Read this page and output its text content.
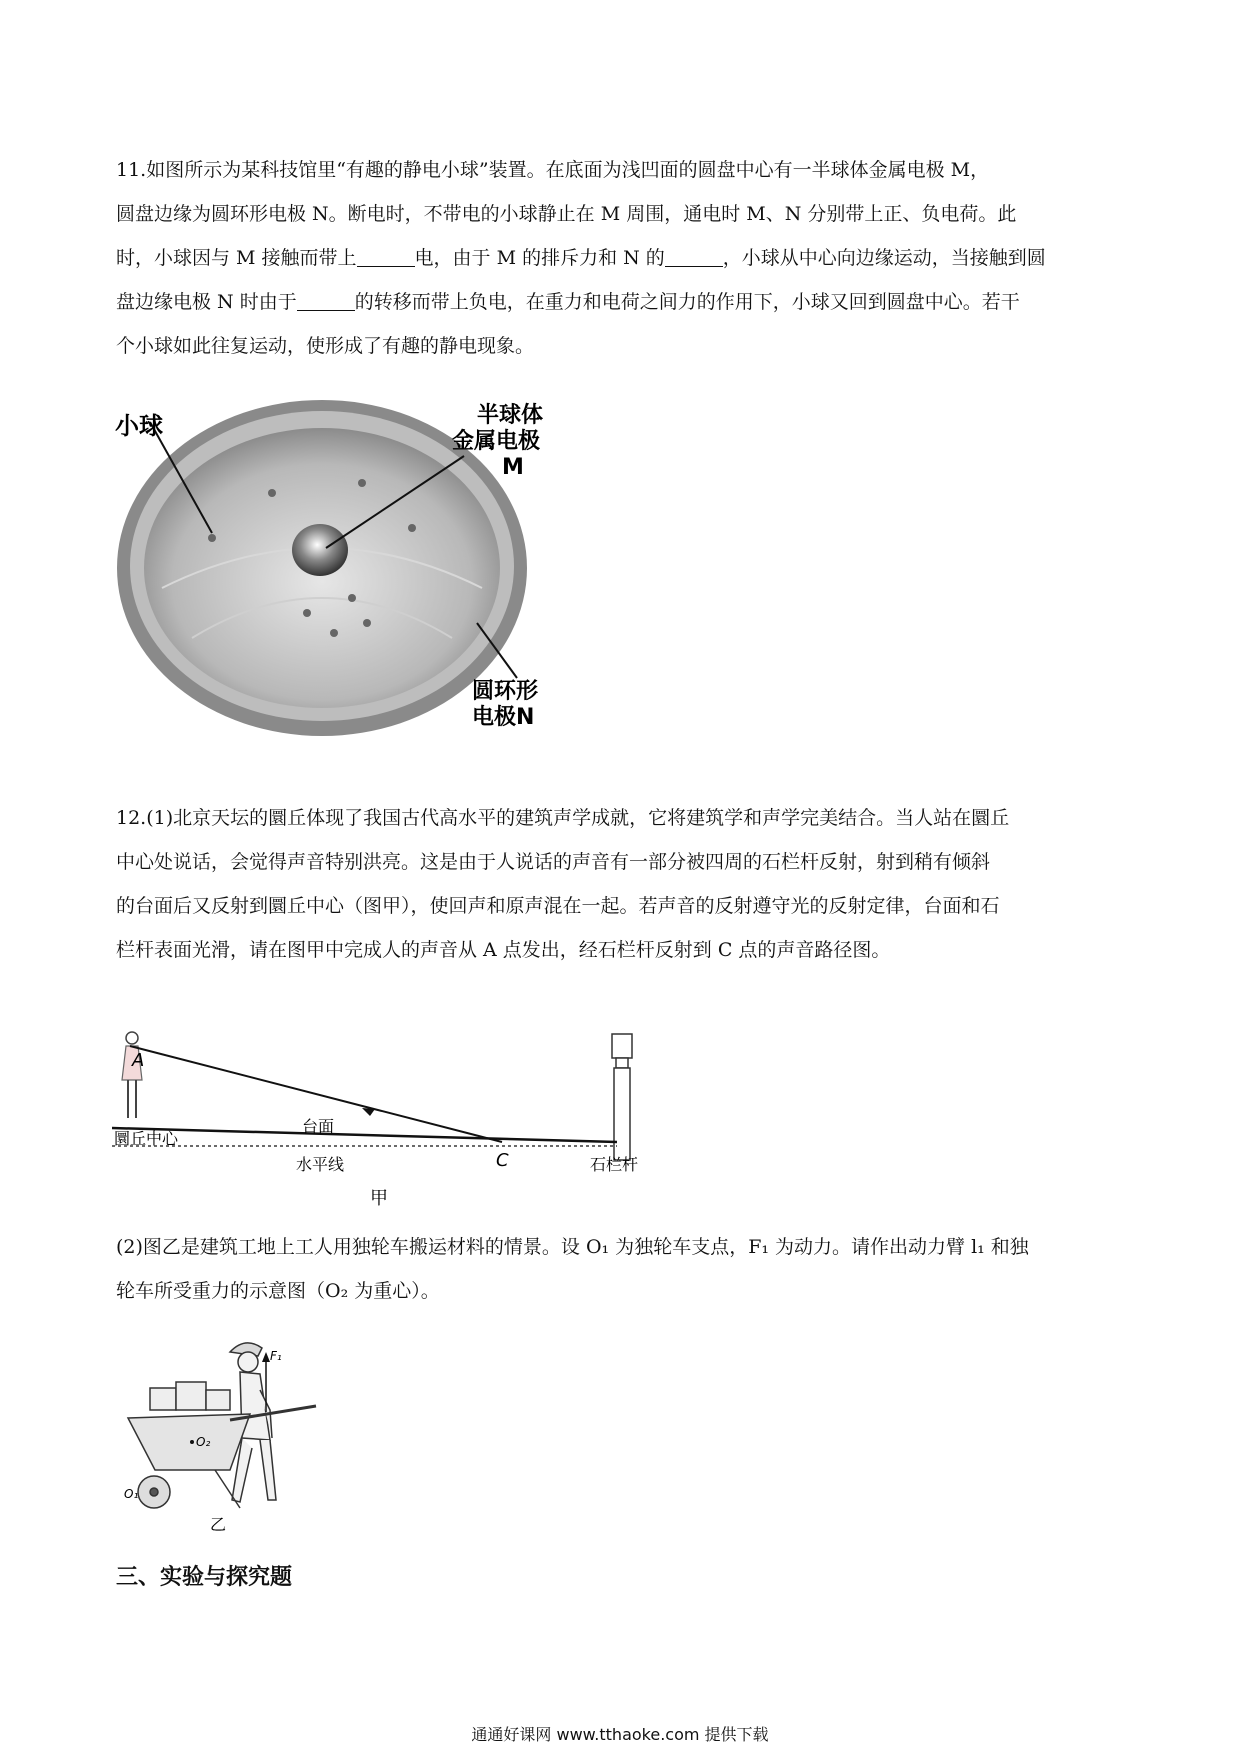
11.如图所示为某科技馆里“有趣的静电小球”装置。在底面为浅凹面的圆盘中心有一半球体金属电极 M，
圆盘边缘为圆环形电极 N。断电时，不带电的小球静止在 M 周围，通电时 M、N 分别带上正、负电荷。此
时，小球因与 M 接触而带上	电，由于 M 的排斥力和 N 的	，小球从中心向边缘运动，当接触到圆
盘边缘电极 N 时由于	的转移而带上负电，在重力和电荷之间力的作用下，小球又回到圆盘中心。若干
个小球如此往复运动，使形成了有趣的静电现象。

小球	半球体
金属电极
M
圆环形
电极N

12.(1)北京天坛的圜丘体现了我国古代高水平的建筑声学成就，它将建筑学和声学完美结合。当人站在圜丘
中心处说话，会觉得声音特别洪亮。这是由于人说话的声音有一部分被四周的石栏杆反射，射到稍有倾斜
的台面后又反射到圜丘中心（图甲），使回声和原声混在一起。若声音的反射遵守光的反射定律，台面和石
栏杆表面光滑，请在图甲中完成人的声音从 A 点发出，经石栏杆反射到 C 点的声音路径图。

A
C
圜丘中心
台面
水平线	石栏杆
甲

(2)图乙是建筑工地上工人用独轮车搬运材料的情景。设 O₁ 为独轮车支点，F₁ 为动力。请作出动力臂 l₁ 和独
轮车所受重力的示意图（O₂ 为重心）。

F₁
O₂
O₁
乙
三、实验与探究题
通通好课网 www.tthaoke.com 提供下载
